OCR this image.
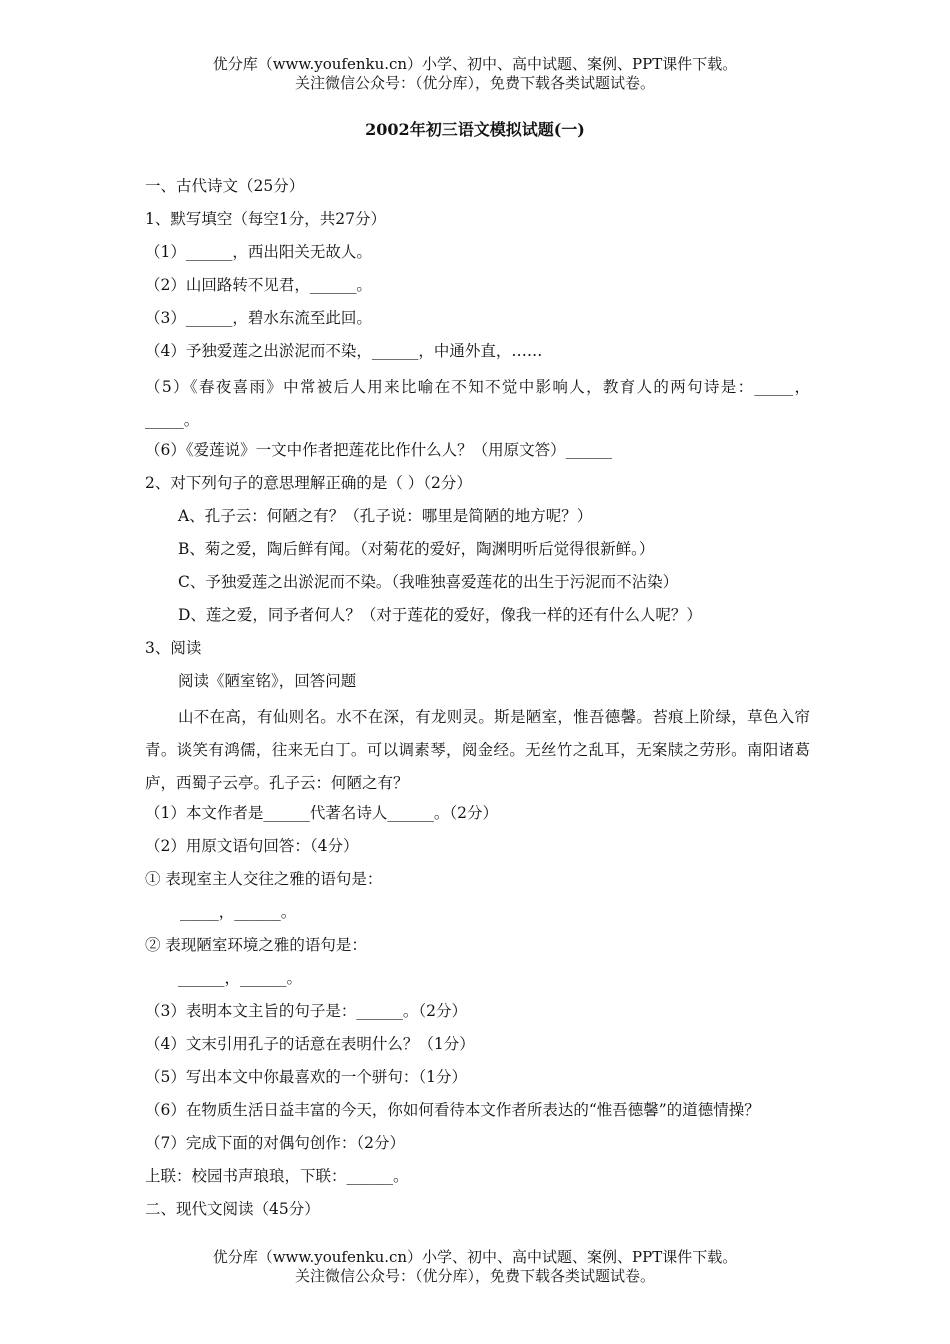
优分库（www.youfenku.cn）小学、初中、高中试题、案例、PPT课件下载。
关注微信公众号：（优分库），免费下载各类试题试卷。
2002年初三语文模拟试题(一)
一、古代诗文（25分）
1、默写填空（每空1分，共27分）
（1）______，西出阳关无故人。
（2）山回路转不见君，______。
（3）______，碧水东流至此回。
（4）予独爱莲之出淤泥而不染，______，中通外直，……
（5）《春夜喜雨》中常被后人用来比喻在不知不觉中影响人，教育人的两句诗是：_____，_____。
（6）《爱莲说》一文中作者把莲花比作什么人？（用原文答）______
2、对下列句子的意思理解正确的是（ ）（2分）
A、孔子云：何陋之有？（孔子说：哪里是简陋的地方呢？）
B、菊之爱，陶后鲜有闻。（对菊花的爱好，陶渊明听后觉得很新鲜。）
C、予独爱莲之出淤泥而不染。（我唯独喜爱莲花的出生于污泥而不沾染）
D、莲之爱，同予者何人？（对于莲花的爱好，像我一样的还有什么人呢？）
3、阅读
阅读《陋室铭》，回答问题
山不在高，有仙则名。水不在深，有龙则灵。斯是陋室，惟吾德馨。苔痕上阶绿，草色入帘青。谈笑有鸿儒，往来无白丁。可以调素琴，阅金经。无丝竹之乱耳，无案牍之劳形。南阳诸葛庐，西蜀子云亭。孔子云：何陋之有？
（1）本文作者是______代著名诗人______。（2分）
（2）用原文语句回答：（4分）
① 表现室主人交往之雅的语句是：
_____，______。
② 表现陋室环境之雅的语句是：
______，______。
（3）表明本文主旨的句子是：______。（2分）
（4）文末引用孔子的话意在表明什么？（1分）
（5）写出本文中你最喜欢的一个骈句：（1分）
（6）在物质生活日益丰富的今天，你如何看待本文作者所表达的“惟吾德馨”的道德情操？
（7）完成下面的对偶句创作：（2分）
上联：校园书声琅琅，下联：______。
二、现代文阅读（45分）
优分库（www.youfenku.cn）小学、初中、高中试题、案例、PPT课件下载。
关注微信公众号：（优分库），免费下载各类试题试卷。
